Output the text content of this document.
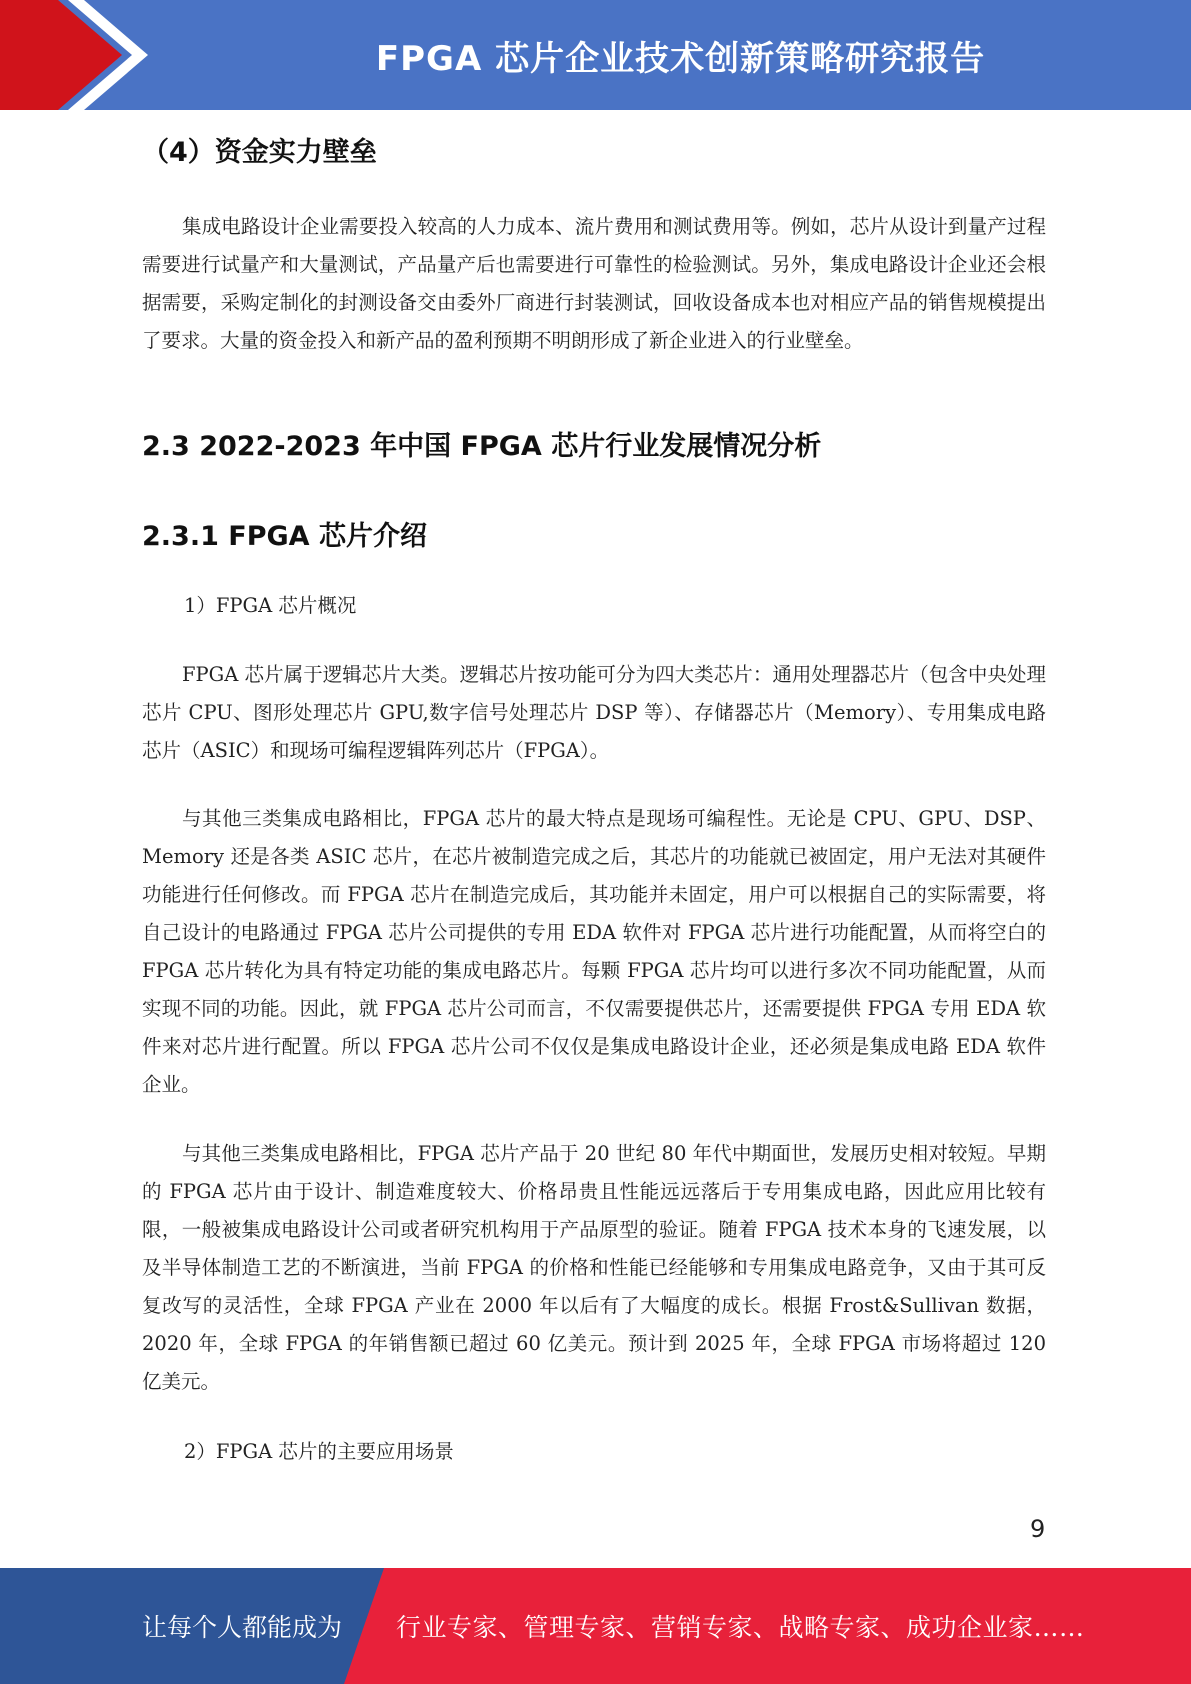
FPGA 芯片企业技术创新策略研究报告
（4）资金实力壁垒

集成电路设计企业需要投入较高的人力成本、流片费用和测试费用等。例如，芯片从设计到量产过程需要进行试量产和大量测试，产品量产后也需要进行可靠性的检验测试。另外，集成电路设计企业还会根据需要，采购定制化的封测设备交由委外厂商进行封装测试，回收设备成本也对相应产品的销售规模提出了要求。大量的资金投入和新产品的盈利预期不明朗形成了新企业进入的行业壁垒。

2.3 2022-2023 年中国 FPGA 芯片行业发展情况分析
2.3.1 FPGA 芯片介绍
1）FPGA 芯片概况

FPGA 芯片属于逻辑芯片大类。逻辑芯片按功能可分为四大类芯片：通用处理器芯片（包含中央处理芯片 CPU、图形处理芯片 GPU,数字信号处理芯片 DSP 等）、存储器芯片（Memory）、专用集成电路芯片（ASIC）和现场可编程逻辑阵列芯片（FPGA）。

与其他三类集成电路相比，FPGA 芯片的最大特点是现场可编程性。无论是 CPU、GPU、DSP、Memory 还是各类 ASIC 芯片，在芯片被制造完成之后，其芯片的功能就已被固定，用户无法对其硬件功能进行任何修改。而 FPGA 芯片在制造完成后，其功能并未固定，用户可以根据自己的实际需要，将自己设计的电路通过 FPGA 芯片公司提供的专用 EDA 软件对 FPGA 芯片进行功能配置，从而将空白的 FPGA 芯片转化为具有特定功能的集成电路芯片。每颗 FPGA 芯片均可以进行多次不同功能配置，从而实现不同的功能。因此，就 FPGA 芯片公司而言，不仅需要提供芯片，还需要提供 FPGA 专用 EDA 软件来对芯片进行配置。所以 FPGA 芯片公司不仅仅是集成电路设计企业，还必须是集成电路 EDA 软件企业。

与其他三类集成电路相比，FPGA 芯片产品于 20 世纪 80 年代中期面世，发展历史相对较短。早期的 FPGA 芯片由于设计、制造难度较大、价格昂贵且性能远远落后于专用集成电路，因此应用比较有限，一般被集成电路设计公司或者研究机构用于产品原型的验证。随着 FPGA 技术本身的飞速发展，以及半导体制造工艺的不断演进，当前 FPGA 的价格和性能已经能够和专用集成电路竞争，又由于其可反复改写的灵活性，全球 FPGA 产业在 2000 年以后有了大幅度的成长。根据 Frost&Sullivan 数据，2020 年，全球 FPGA 的年销售额已超过 60 亿美元。预计到 2025 年，全球 FPGA 市场将超过 120 亿美元。

2）FPGA 芯片的主要应用场景
9
让每个人都能成为 行业专家、管理专家、营销专家、战略专家、成功企业家……
